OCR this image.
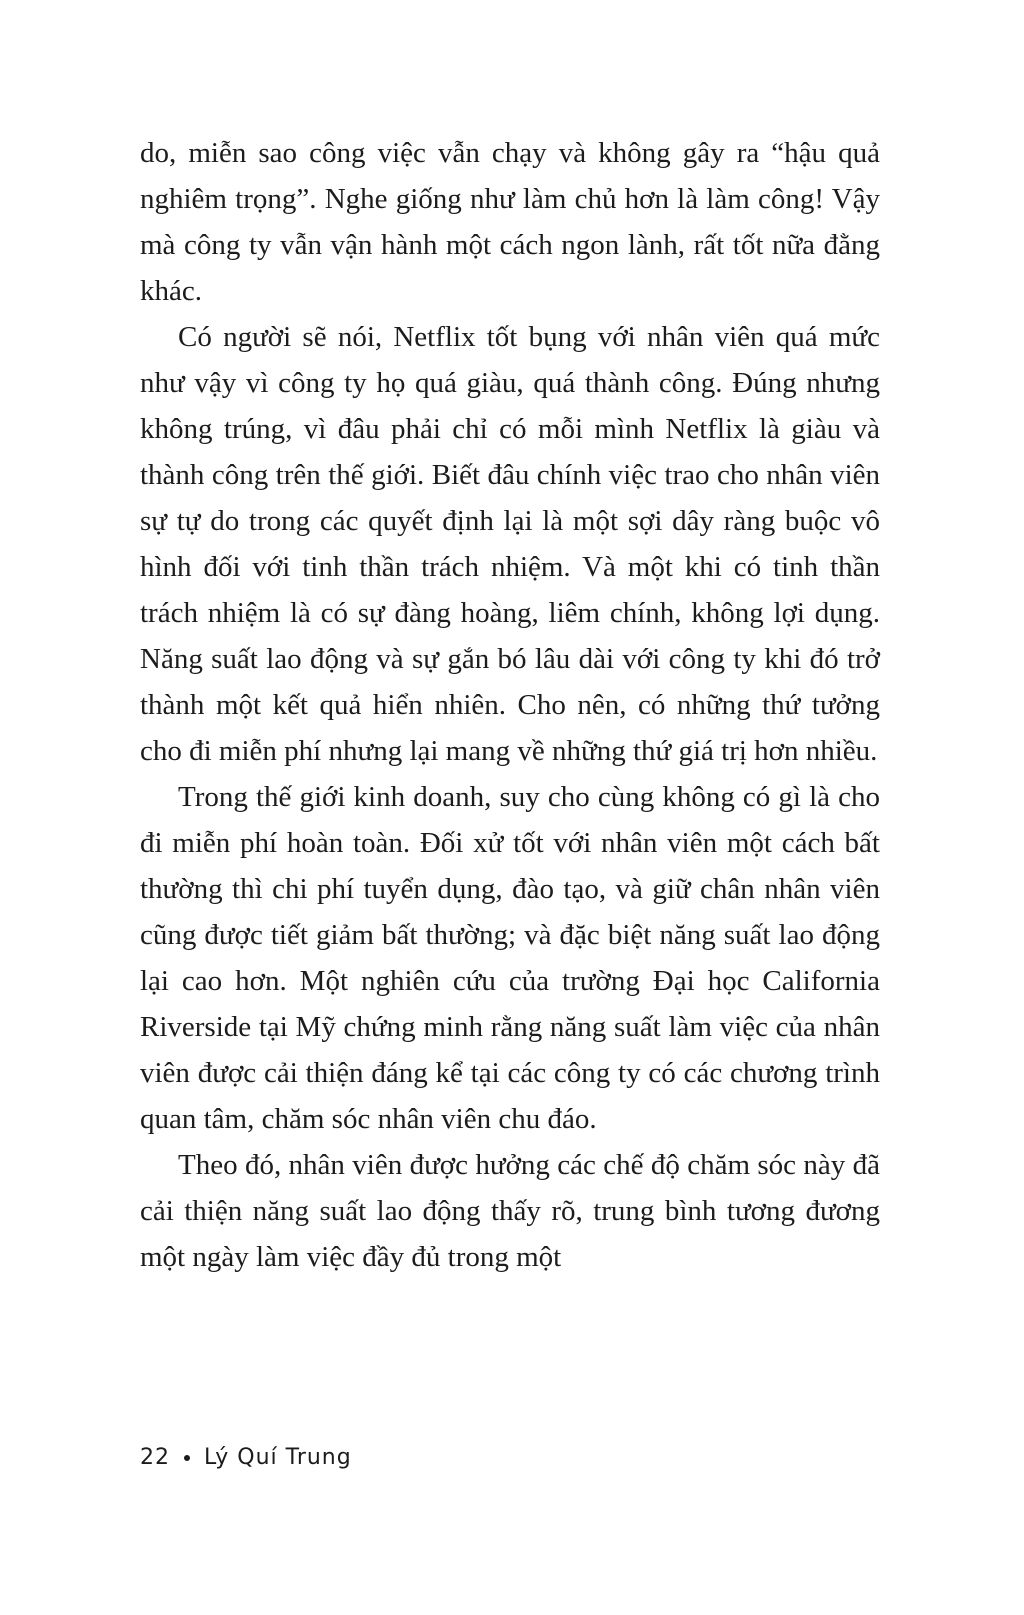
do, miễn sao công việc vẫn chạy và không gây ra “hậu quả nghiêm trọng”. Nghe giống như làm chủ hơn là làm công! Vậy mà công ty vẫn vận hành một cách ngon lành, rất tốt nữa đằng khác.

Có người sẽ nói, Netflix tốt bụng với nhân viên quá mức như vậy vì công ty họ quá giàu, quá thành công. Đúng nhưng không trúng, vì đâu phải chỉ có mỗi mình Netflix là giàu và thành công trên thế giới. Biết đâu chính việc trao cho nhân viên sự tự do trong các quyết định lại là một sợi dây ràng buộc vô hình đối với tinh thần trách nhiệm. Và một khi có tinh thần trách nhiệm là có sự đàng hoàng, liêm chính, không lợi dụng. Năng suất lao động và sự gắn bó lâu dài với công ty khi đó trở thành một kết quả hiển nhiên. Cho nên, có những thứ tưởng cho đi miễn phí nhưng lại mang về những thứ giá trị hơn nhiều.

Trong thế giới kinh doanh, suy cho cùng không có gì là cho đi miễn phí hoàn toàn. Đối xử tốt với nhân viên một cách bất thường thì chi phí tuyển dụng, đào tạo, và giữ chân nhân viên cũng được tiết giảm bất thường; và đặc biệt năng suất lao động lại cao hơn. Một nghiên cứu của trường Đại học California Riverside tại Mỹ chứng minh rằng năng suất làm việc của nhân viên được cải thiện đáng kể tại các công ty có các chương trình quan tâm, chăm sóc nhân viên chu đáo.

Theo đó, nhân viên được hưởng các chế độ chăm sóc này đã cải thiện năng suất lao động thấy rõ, trung bình tương đương một ngày làm việc đầy đủ trong một

22 Lý Quí Trung
